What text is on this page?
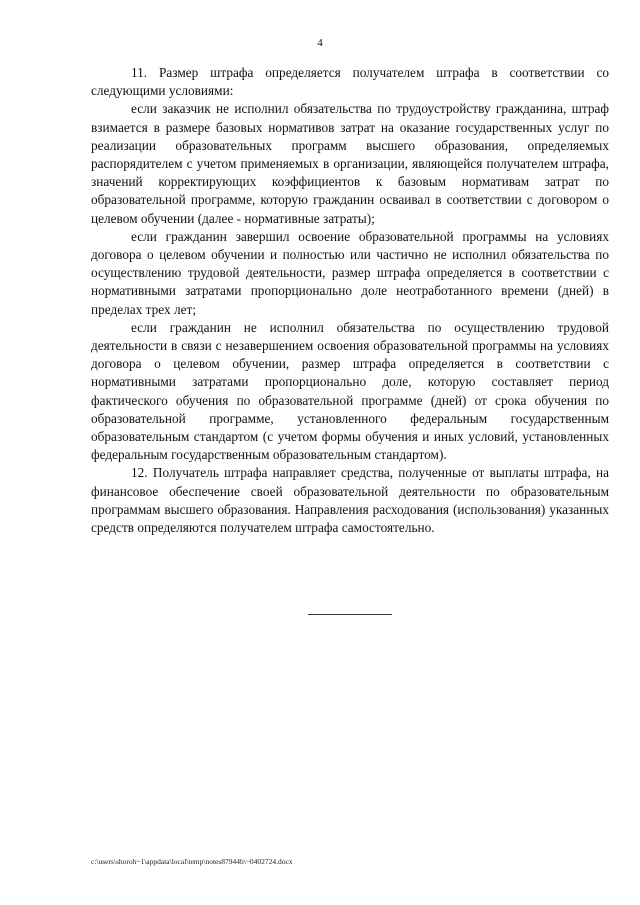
4

11. Размер штрафа определяется получателем штрафа в соответствии со следующими условиями:

если заказчик не исполнил обязательства по трудоустройству гражданина, штраф взимается в размере базовых нормативов затрат на оказание государственных услуг по реализации образовательных программ высшего образования, определяемых распорядителем с учетом применяемых в организации, являющейся получателем штрафа, значений корректирующих коэффициентов к базовым нормативам затрат по образовательной программе, которую гражданин осваивал в соответствии с договором о целевом обучении (далее - нормативные затраты);

если гражданин завершил освоение образовательной программы на условиях договора о целевом обучении и полностью или частично не исполнил обязательства по осуществлению трудовой деятельности, размер штрафа определяется в соответствии с нормативными затратами пропорционально доле неотработанного времени (дней) в пределах трех лет;

если гражданин не исполнил обязательства по осуществлению трудовой деятельности в связи с незавершением освоения образовательной программы на условиях договора о целевом обучении, размер штрафа определяется в соответствии с нормативными затратами пропорционально доле, которую составляет период фактического обучения по образовательной программе (дней) от срока обучения по образовательной программе, установленного федеральным государственным образовательным стандартом (с учетом формы обучения и иных условий, установленных федеральным государственным образовательным стандартом).

12. Получатель штрафа направляет средства, полученные от выплаты штрафа, на финансовое обеспечение своей образовательной деятельности по образовательным программам высшего образования. Направления расходования (использования) указанных средств определяются получателем штрафа самостоятельно.

c:\users\shoroh~1\appdata\local\temp\notes87944b\~0402724.docx
